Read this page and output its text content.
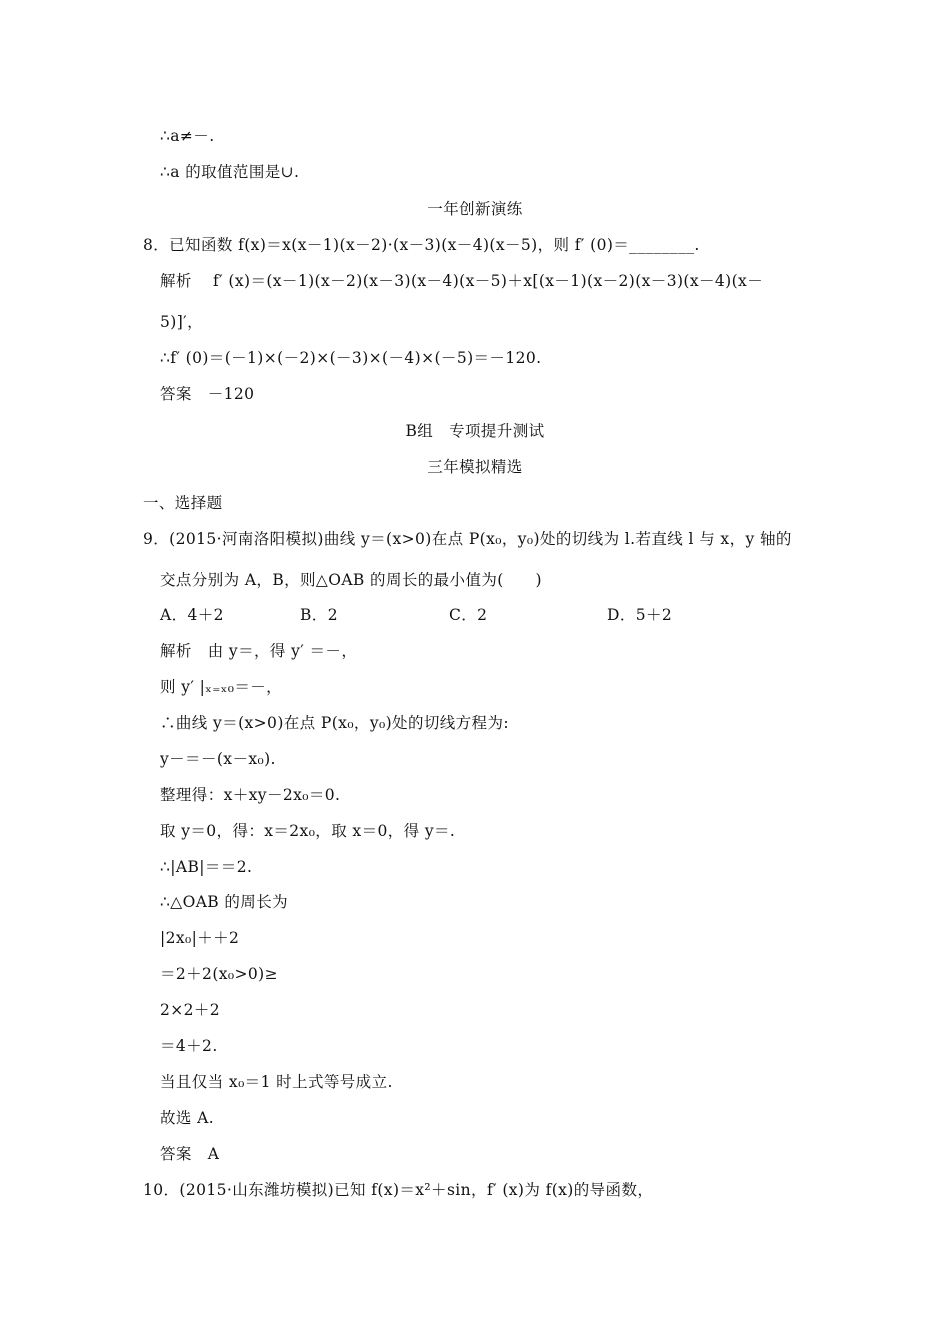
∴a≠－.
∴a 的取值范围是∪.
一年创新演练
8．已知函数 f(x)＝x(x－1)(x－2)·(x－3)(x－4)(x－5)，则 f′ (0)＝________.
解析　 f′ (x)＝(x－1)(x－2)(x－3)(x－4)(x－5)＋x[(x－1)(x－2)(x－3)(x－4)(x－
5)]′，
∴f′ (0)＝(－1)×(－2)×(－3)×(－4)×(－5)＝－120.
答案　－120
B组　专项提升测试
三年模拟精选
一、选择题
9．(2015·河南洛阳模拟)曲线 y＝(x>0)在点 P(x₀，y₀)处的切线为 l.若直线 l 与 x，y 轴的
交点分别为 A，B，则△OAB 的周长的最小值为(　　)
A．4＋2	B．2	C．2	D．5＋2
解析　由 y＝，得 y′ ＝－，
则 y′ |ₓ₌ₓ₀＝－，
∴曲线 y＝(x>0)在点 P(x₀，y₀)处的切线方程为:
y－＝－(x－x₀).
整理得：x＋xy－2x₀＝0.
取 y＝0，得：x＝2x₀，取 x＝0，得 y＝.
∴|AB|＝＝2.
∴△OAB 的周长为
|2x₀|＋＋2
＝2＋2(x₀>0)≥
2×2＋2
＝4＋2.
当且仅当 x₀＝1 时上式等号成立.
故选 A.
答案　A
10．(2015·山东潍坊模拟)已知 f(x)＝x²＋sin，f′ (x)为 f(x)的导函数，
